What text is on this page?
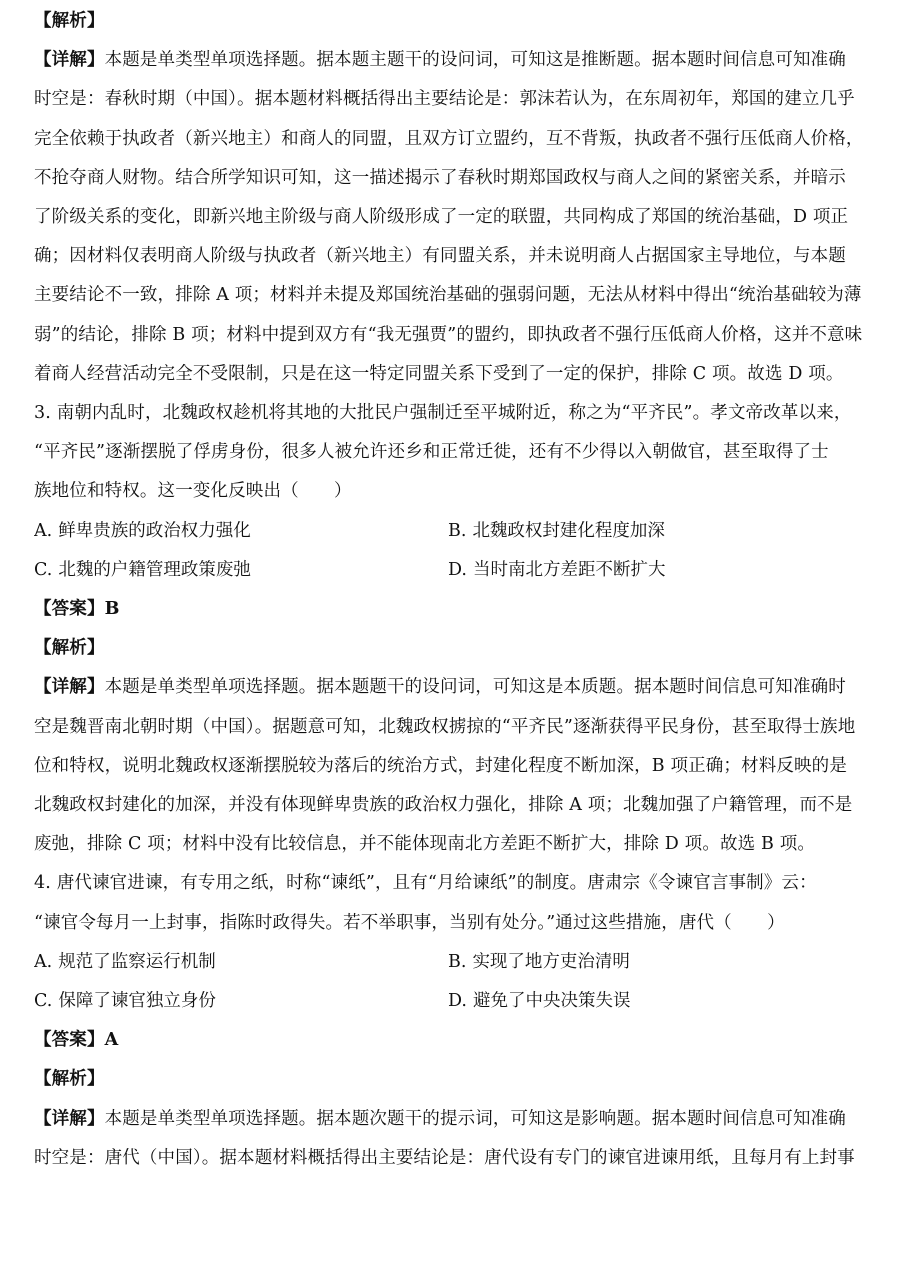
【解析】
【详解】本题是单类型单项选择题。据本题主题干的设问词，可知这是推断题。据本题时间信息可知准确
时空是：春秋时期（中国）。据本题材料概括得出主要结论是：郭沫若认为，在东周初年，郑国的建立几乎
完全依赖于执政者（新兴地主）和商人的同盟，且双方订立盟约，互不背叛，执政者不强行压低商人价格，
不抢夺商人财物。结合所学知识可知，这一描述揭示了春秋时期郑国政权与商人之间的紧密关系，并暗示
了阶级关系的变化，即新兴地主阶级与商人阶级形成了一定的联盟，共同构成了郑国的统治基础，D 项正
确；因材料仅表明商人阶级与执政者（新兴地主）有同盟关系，并未说明商人占据国家主导地位，与本题
主要结论不一致，排除 A 项；材料并未提及郑国统治基础的强弱问题，无法从材料中得出“统治基础较为薄
弱”的结论，排除 B 项；材料中提到双方有“我无强贾”的盟约，即执政者不强行压低商人价格，这并不意味
着商人经营活动完全不受限制，只是在这一特定同盟关系下受到了一定的保护，排除 C 项。故选 D 项。
3. 南朝内乱时，北魏政权趁机将其地的大批民户强制迁至平城附近，称之为“平齐民”。孝文帝改革以来，
“平齐民”逐渐摆脱了俘虏身份，很多人被允许还乡和正常迁徙，还有不少得以入朝做官，甚至取得了士
族地位和特权。这一变化反映出（　　）
A. 鲜卑贵族的政治权力强化	B. 北魏政权封建化程度加深
C. 北魏的户籍管理政策废弛	D. 当时南北方差距不断扩大
【答案】B
【解析】
【详解】本题是单类型单项选择题。据本题题干的设问词，可知这是本质题。据本题时间信息可知准确时
空是魏晋南北朝时期（中国）。据题意可知，北魏政权掳掠的“平齐民”逐渐获得平民身份，甚至取得士族地
位和特权，说明北魏政权逐渐摆脱较为落后的统治方式，封建化程度不断加深，B 项正确；材料反映的是
北魏政权封建化的加深，并没有体现鲜卑贵族的政治权力强化，排除 A 项；北魏加强了户籍管理，而不是
废弛，排除 C 项；材料中没有比较信息，并不能体现南北方差距不断扩大，排除 D 项。故选 B 项。
4. 唐代谏官进谏，有专用之纸，时称“谏纸”，且有“月给谏纸”的制度。唐肃宗《令谏官言事制》云：
“谏官令每月一上封事，指陈时政得失。若不举职事，当别有处分。”通过这些措施，唐代（　　）
A. 规范了监察运行机制	B. 实现了地方吏治清明
C. 保障了谏官独立身份	D. 避免了中央决策失误
【答案】A
【解析】
【详解】本题是单类型单项选择题。据本题次题干的提示词，可知这是影响题。据本题时间信息可知准确
时空是：唐代（中国）。据本题材料概括得出主要结论是：唐代设有专门的谏官进谏用纸，且每月有上封事
